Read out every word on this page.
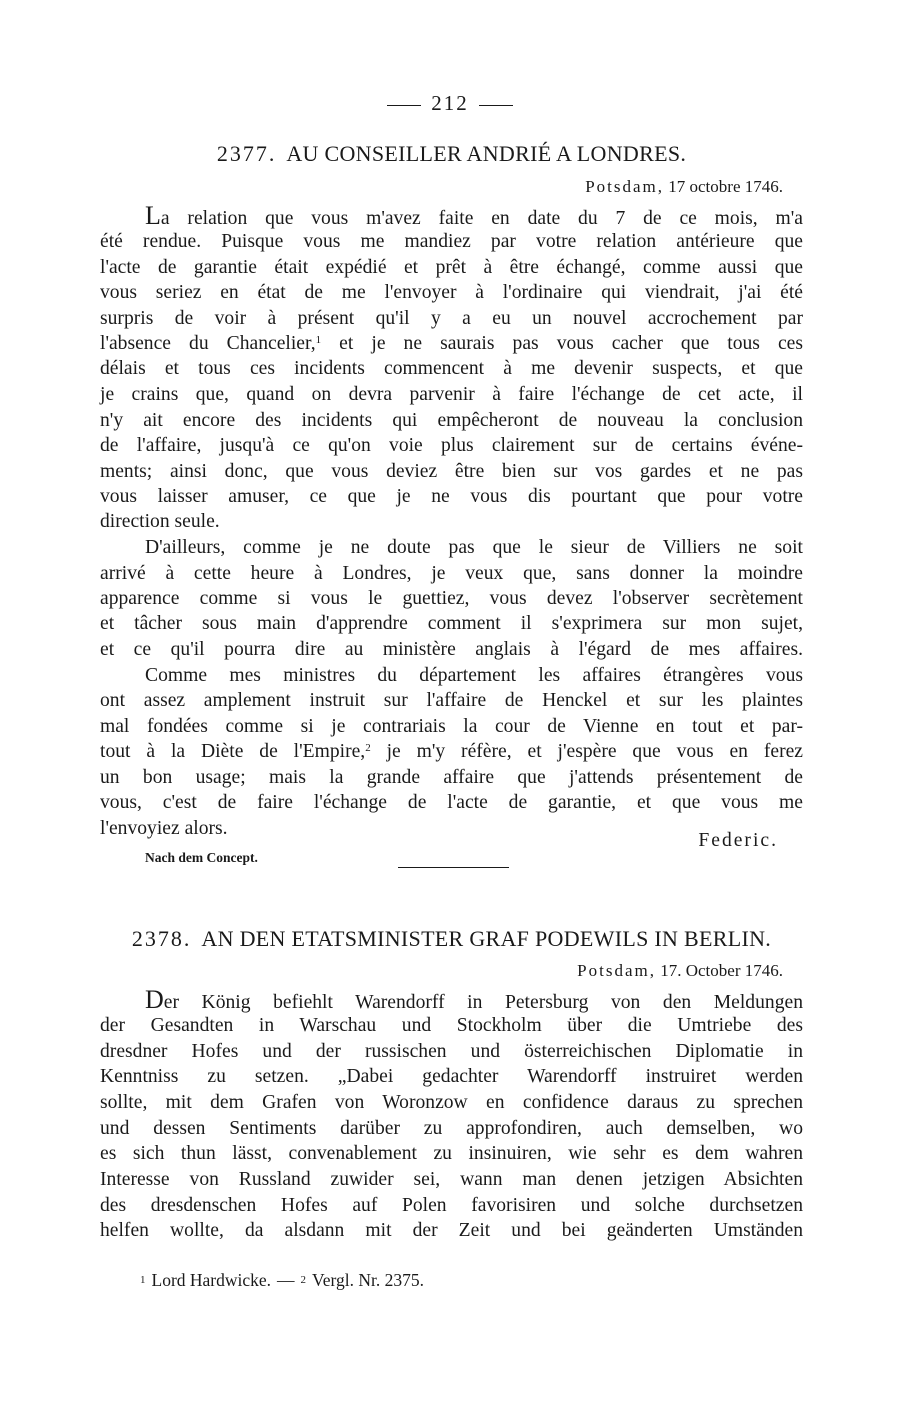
212
2377. AU CONSEILLER ANDRIÉ A LONDRES.
Potsdam, 17 octobre 1746.
La relation que vous m'avez faite en date du 7 de ce mois, m'a
été rendue. Puisque vous me mandiez par votre relation antérieure que
l'acte de garantie était expédié et prêt à être échangé, comme aussi que
vous seriez en état de me l'envoyer à l'ordinaire qui viendrait, j'ai été
surpris de voir à présent qu'il y a eu un nouvel accrochement par
l'absence du Chancelier,$^1$ et je ne saurais pas vous cacher que tous ces
délais et tous ces incidents commencent à me devenir suspects, et que
je crains que, quand on devra parvenir à faire l'échange de cet acte, il
n'y ait encore des incidents qui empêcheront de nouveau la conclusion
de l'affaire, jusqu'à ce qu'on voie plus clairement sur de certains événe-
ments; ainsi donc, que vous deviez être bien sur vos gardes et ne pas
vous laisser amuser, ce que je ne vous dis pourtant que pour votre
direction seule.
D'ailleurs, comme je ne doute pas que le sieur de Villiers ne soit
arrivé à cette heure à Londres, je veux que, sans donner la moindre
apparence comme si vous le guettiez, vous devez l'observer secrètement
et tâcher sous main d'apprendre comment il s'exprimera sur mon sujet,
et ce qu'il pourra dire au ministère anglais à l'égard de mes affaires.
Comme mes ministres du département les affaires étrangères vous
ont assez amplement instruit sur l'affaire de Henckel et sur les plaintes
mal fondées comme si je contrariais la cour de Vienne en tout et par-
tout à la Diète de l'Empire,$^2$ je m'y réfère, et j'espère que vous en ferez
un bon usage; mais la grande affaire que j'attends présentement de
vous, c'est de faire l'échange de l'acte de garantie, et que vous me
l'envoyiez alors.
Federic.
Nach dem Concept.
2378. AN DEN ETATSMINISTER GRAF PODEWILS IN BERLIN.
Potsdam, 17. October 1746.
Der König befiehlt Warendorff in Petersburg von den Meldungen
der Gesandten in Warschau und Stockholm über die Umtriebe des
dresdner Hofes und der russischen und österreichischen Diplomatie in
Kenntniss zu setzen. „Dabei gedachter Warendorff instruiret werden
sollte, mit dem Grafen von Woronzow en confidence daraus zu sprechen
und dessen Sentiments darüber zu approfondiren, auch demselben, wo
es sich thun lässt, convenablement zu insinuiren, wie sehr es dem wahren
Interesse von Russland zuwider sei, wann man denen jetzigen Absichten
des dresdenschen Hofes auf Polen favorisiren und solche durchsetzen
helfen wollte, da alsdann mit der Zeit und bei geänderten Umständen
1 Lord Hardwicke. — 2 Vergl. Nr. 2375.
